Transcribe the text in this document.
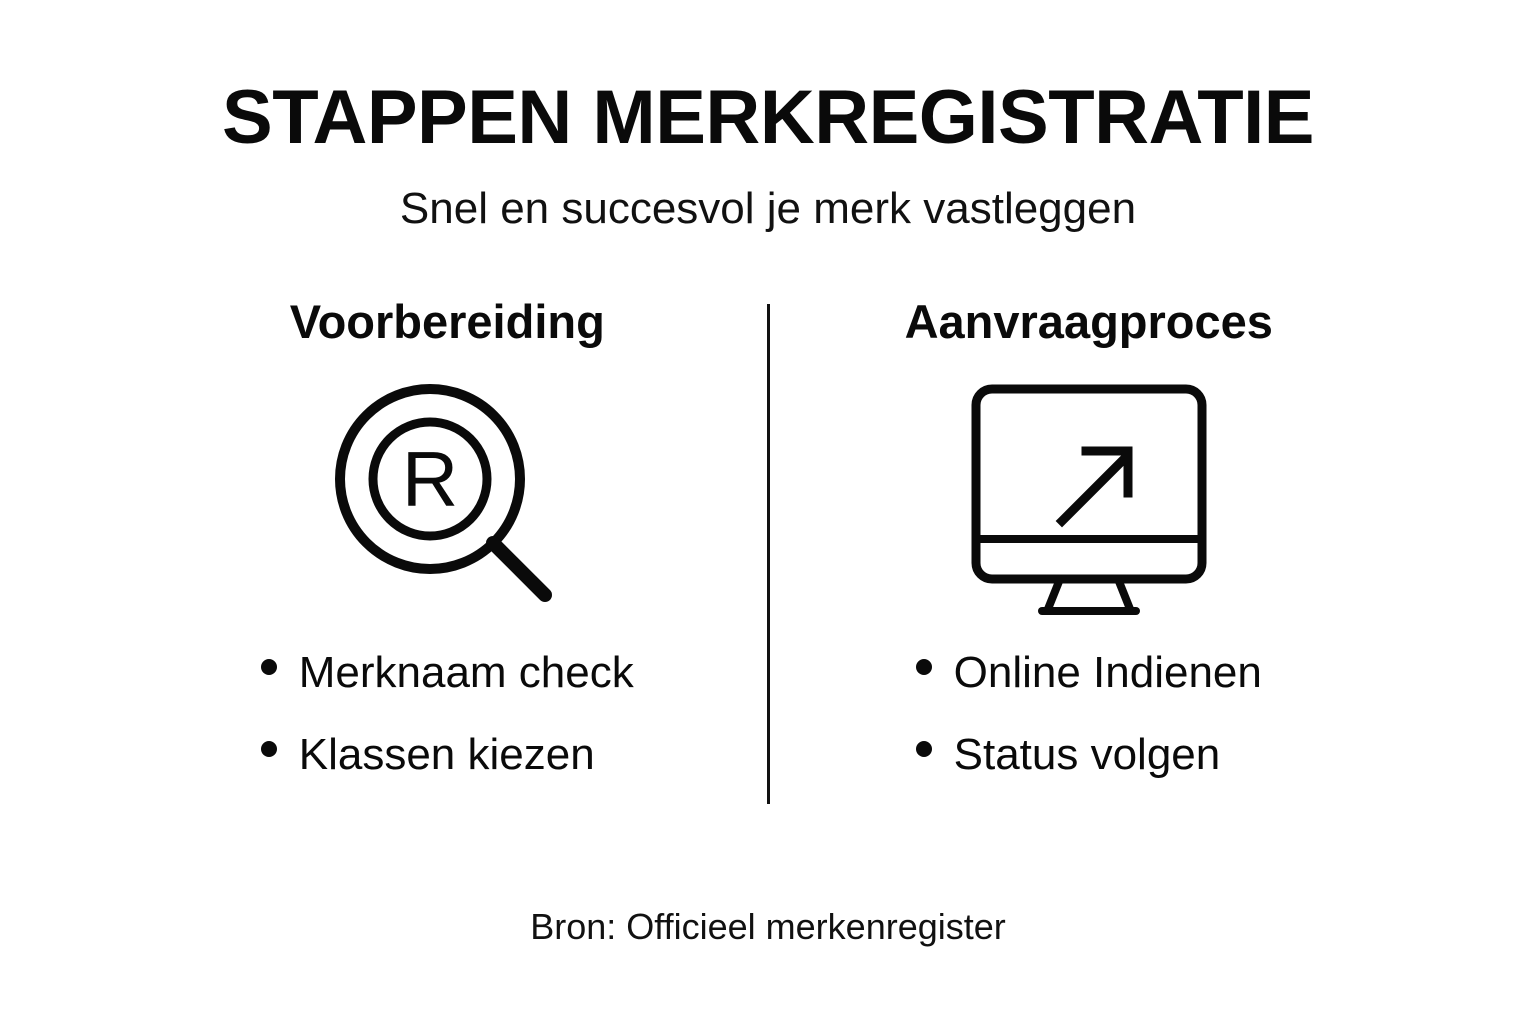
STAPPEN MERKREGISTRATIE
Snel en succesvol je merk vastleggen
Voorbereiding
R
Merknaam check
Klassen kiezen
Aanvraagproces
Online Indienen
Status volgen
Bron: Officieel merkenregister
